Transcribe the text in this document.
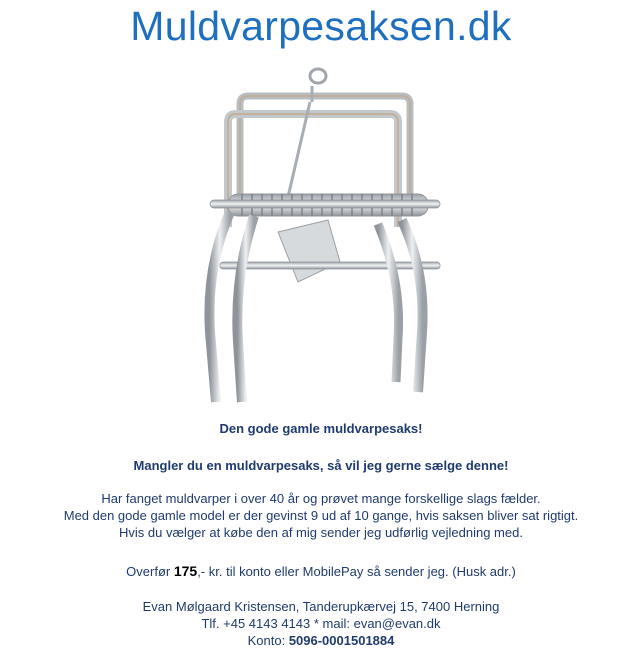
Muldvarpesaksen.dk
Den gode gamle muldvarpesaks!
Mangler du en muldvarpesaks, så vil jeg gerne sælge denne!
Har fanget muldvarper i over 40 år og prøvet mange forskellige slags fælder.
Med den gode gamle model er der gevinst 9 ud af 10 gange, hvis saksen bliver sat rigtigt.
Hvis du vælger at købe den af mig sender jeg udførlig vejledning med.
Overfør 175,- kr. til konto eller MobilePay så sender jeg. (Husk adr.)
Evan Mølgaard Kristensen, Tanderupkærvej 15, 7400 Herning
Tlf. +45 4143 4143 * mail: evan@evan.dk
Konto: 5096-0001501884
